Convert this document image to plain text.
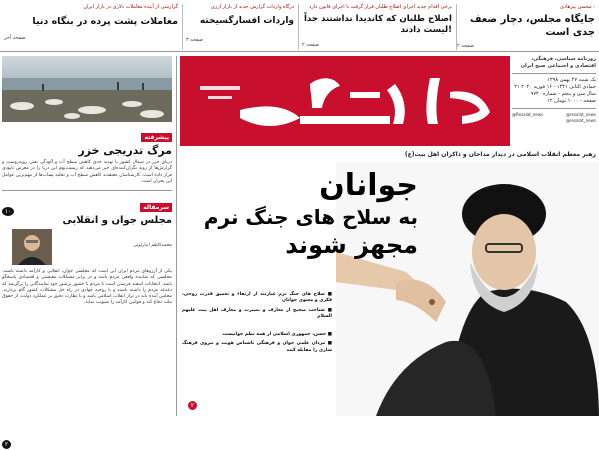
محسن پیرهادی :
جایگاه مجلس، دچار ضعف جدی است
صفحه ۲
برخی اقدام جدید اجرای اصلاح طلبان قرار گرفت با اجرای قانون دارد
اصلاح طلبان که کاندیدا نداشتند جداً لیست دادند!
صفحه ۲
درگاه واردات گزارش جدید از بازار ارزی
واردات افسارگسیخته
صفحه ۳
گزارشی از آینده معاملات دلاری در بازار ایران
معاملات پشت پرده در بنگاه دنیا
صفحه آخر
پیشرفته
مرگ تدریجی خزر
دریای خزر در شمال کشور با تهدید جدی کاهش سطح آب و آلودگی نفتی روبه‌روست و گزارش‌ها از روند نگران‌کننده‌ای خبر می‌دهند که زیست‌بوم این دریا را در معرض نابودی قرار داده است. کارشناسان معتقدند کاهش سطح آب و تخلیه پساب‌ها از مهم‌ترین عوامل این بحران است.
۱۰
سرمقاله
مجلس جوان و انقلابی
محمدکاظم انبارلویی
یکی از آرزوهای مردم ایران این است که مجلسی جوان، انقلابی و کارآمد داشته باشند. مجلسی که نماینده واقعی مردم باشد و در برابر مشکلات معیشتی و اقتصادی پاسخگو باشد. انتخابات اسفند فرصتی است تا مردم با حضور پرشور خود نمایندگانی را برگزینند که دغدغه مردم را داشته باشند و با روحیه جهادی در راه حل مشکلات کشور گام بردارند. مجلس آینده باید در تراز انقلاب اسلامی باشد و با نظارت دقیق بر عملکرد دولت، از حقوق ملت دفاع کند و قوانین کارآمد را تصویب نماید.
۲
روزنامه سیاسی، فرهنگی، اقتصادی و اجتماعی صبح ایران
یک شنبه ۲۷ بهمن ۱۳۹۸
۲۱ جمادی الثانی ۱۴۴۱ - ۱۶ فوریه ۲۰۲۰
سال سی و پنجم - شماره ۹۷۴۰
۱۲ صفحه - ۱۰۰۰ تومان
@Resalat_news	@resalat_news
@resalat_news
رهبر معظم انقلاب اسلامی در دیدار مداحان و ذاکران اهل بیت(ع)
جوانان
به سلاح های جنگ نرم
مجهز شوند
■ سلاح های جنگ نرم عبارتند از ارتقاء و تعمیق قدرت روحی، فکری و معنوی جوانان
■ شناخت صحیح از معارف و بصیرت و معارف اهل بیت علیهم السلام
■ حسن، جمهوری اسلامی از همه نظم جوانیست
■ مردان علمی جوان و فرهنگی ناشناس هویت و نیروی فرهنگ سازی را مقابله کنند
۲
